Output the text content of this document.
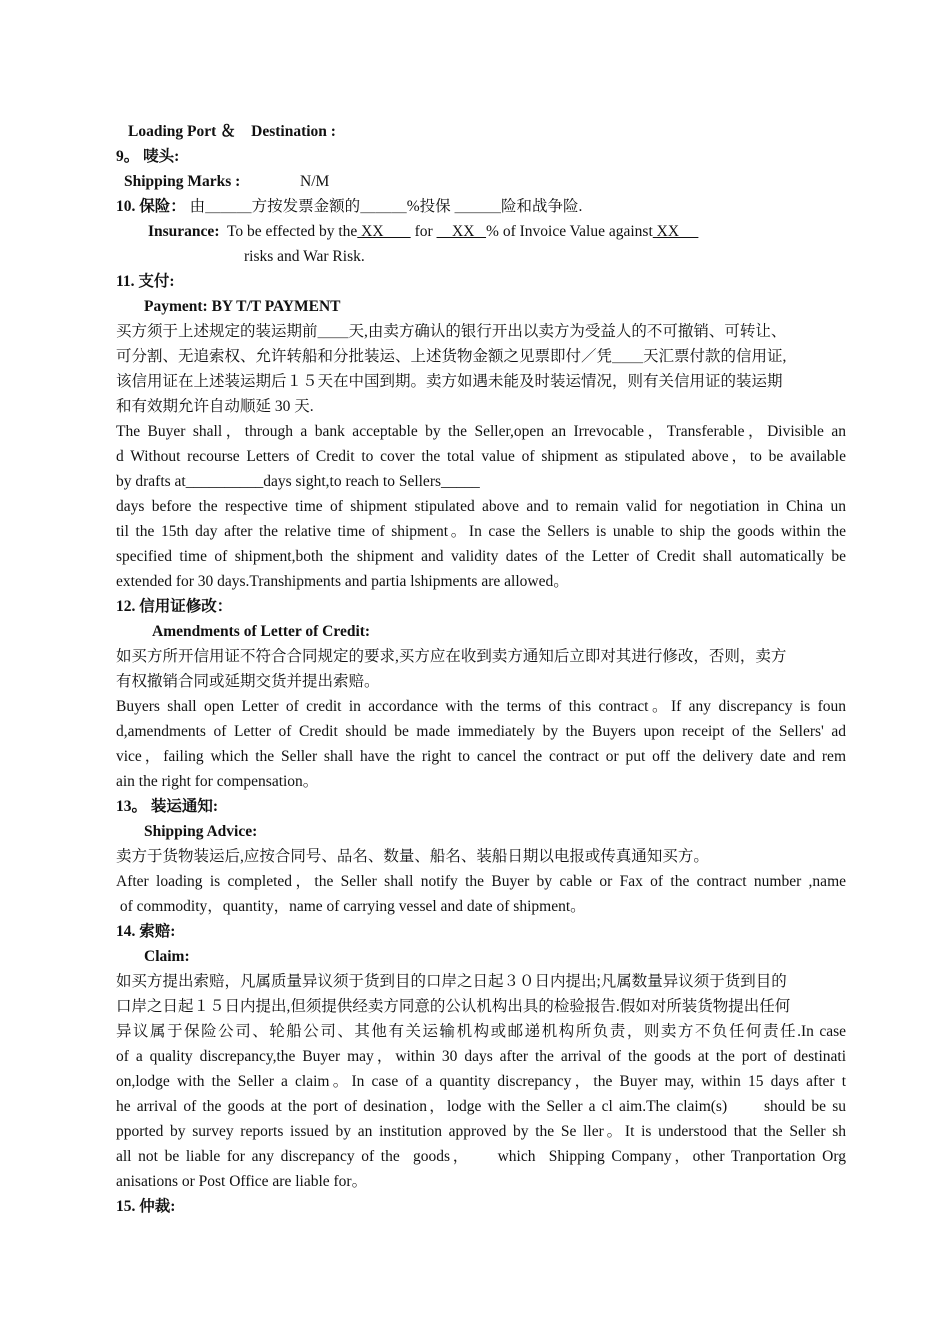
Loading Port ＆　Destination :
9。 唛头:
Shipping Marks :	N/M
10. 保险： 由＿＿＿方按发票金额的＿＿＿%投保 ＿＿＿险和战争险.
Insurance: To be effected by the XX        for     XX   % of Invoice Value against XX
risks and War Risk.
11. 支付:
Payment: BY T/T PAYMENT
买方须于上述规定的装运期前＿＿天,由卖方确认的银行开出以卖方为受益人的不可撤销、可转让、
可分割、无追索权、允许转船和分批装运、上述货物金额之见票即付／凭＿＿天汇票付款的信用证,
该信用证在上述装运期后１５天在中国到期。卖方如遇未能及时装运情况，则有关信用证的装运期
和有效期允许自动顺延 30 天.
The Buyer shall，through a bank acceptable by the Seller,open an Irrevocable，Transferable，Divisible an
d Without recourse Letters of Credit to cover the total value of shipment as stipulated above，to be available
by drafts at__________days sight,to reach to Sellers_____
days before the respective time of shipment stipulated above and to remain valid for negotiation in China un
til the 15th day after the relative time of shipment。In case the Sellers is unable to ship the goods within the
specified time of shipment,both the shipment and validity dates of the Letter of Credit shall automatically be
extended for 30 days.Transhipments and partia lshipments are allowed。
12. 信用证修改：
Amendments of Letter of Credit:
如买方所开信用证不符合合同规定的要求,买方应在收到卖方通知后立即对其进行修改，否则，卖方
有权撤销合同或延期交货并提出索赔。
Buyers shall open Letter of credit in accordance with the terms of this contract。If any discrepancy is foun
d,amendments of Letter of Credit should be made immediately by the Buyers upon receipt of the Sellers' ad
vice，failing which the Seller shall have the right to cancel the contract or put off the delivery date and rem
ain the right for compensation。
13。 装运通知:
Shipping Advice:
卖方于货物装运后,应按合同号、品名、数量、船名、装船日期以电报或传真通知买方。
After loading is completed，the Seller shall notify the Buyer by cable or Fax of the contract number ,name
of commodity，quantity，name of carrying vessel and date of shipment。
14. 索赔:
Claim:
如买方提出索赔，凡属质量异议须于货到目的口岸之日起３０日内提出;凡属数量异议须于货到目的
口岸之日起１５日内提出,但须提供经卖方同意的公认机构出具的检验报告.假如对所装货物提出任何
异议属于保险公司、轮船公司、其他有关运输机构或邮递机构所负责，则卖方不负任何责任.In case
of a quality discrepancy,the Buyer may，within 30 days after the arrival of the goods at the port of destinati
on,lodge with the Seller a claim。In case of a quantity discrepancy，the Buyer may, within 15 days after t
he arrival of the goods at the port of desination，lodge with the Seller a cl aim.The claim(s)      should be su
pported by survey reports issued by an institution approved by the Se ller。It is understood that the Seller sh
all not be liable for any discrepancy of the  goods，    which  Shipping Company，other Tranportation Org
anisations or Post Office are liable for。
15. 仲裁:
